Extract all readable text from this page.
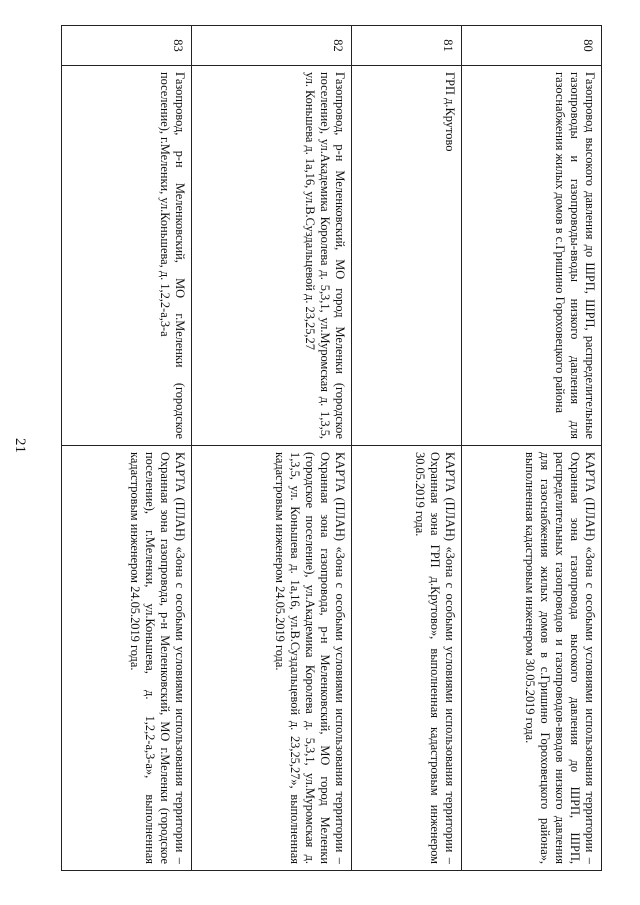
21
80	Газопровод высокого давления до ШРП, ШРП, распределительные газопроводы и газопроводы-вводы низкого давления для газоснабжения жилых домов в с.Гришино Гороховецкого района	КАРТА (ПЛАН) «Зона с особыми условиями использования территории – Охранная зона газопровода высокого давления до ШРП, ШРП, распределительных газопроводов и газопроводов-вводов низкого давления для газоснабжения жилых домов в с.Гришино Гороховецкого района», выполненная кадастровым инженером 30.05.2019 года.
81	ГРП д.Крутово	КАРТА (ПЛАН) «Зона с особыми условиями использования территории – Охранная зона ГРП д.Крутово», выполненная кадастровым инженером 30.05.2019 года.
82	Газопровод, р-н Меленковский, МО город Меленки (городское поселение), ул.Академика Королева д. 5,3,1, ул.Муромская д. 1,3,5, ул. Коньшева д. 1а,16, ул.В.Суздальцевой д. 23,25,27	КАРТА (ПЛАН) «Зона с особыми условиями использования территории – Охранная зона газопровода, р-н Меленковский, МО город Меленки (городское поселение), ул.Академика Королева д. 5,3,1, ул.Муромская д. 1,3,5, ул. Коньшева д. 1а,16, ул.В.Суздальцевой д. 23,25,27», выполненная кадастровым инженером 24.05.2019 года.
83	Газопровод, р-н Меленковский, МО г.Меленки (городское поселение), г.Меленки, ул.Коньшева, д. 1,2,2-а,3-а	КАРТА (ПЛАН) «Зона с особыми условиями использования территории – Охранная зона газопровода, р-н Меленковский, МО г.Меленки (городское поселение), г.Меленки, ул.Коньшева, д. 1,2,2-а,3-а», выполненная кадастровым инженером 24.05.2019 года.
